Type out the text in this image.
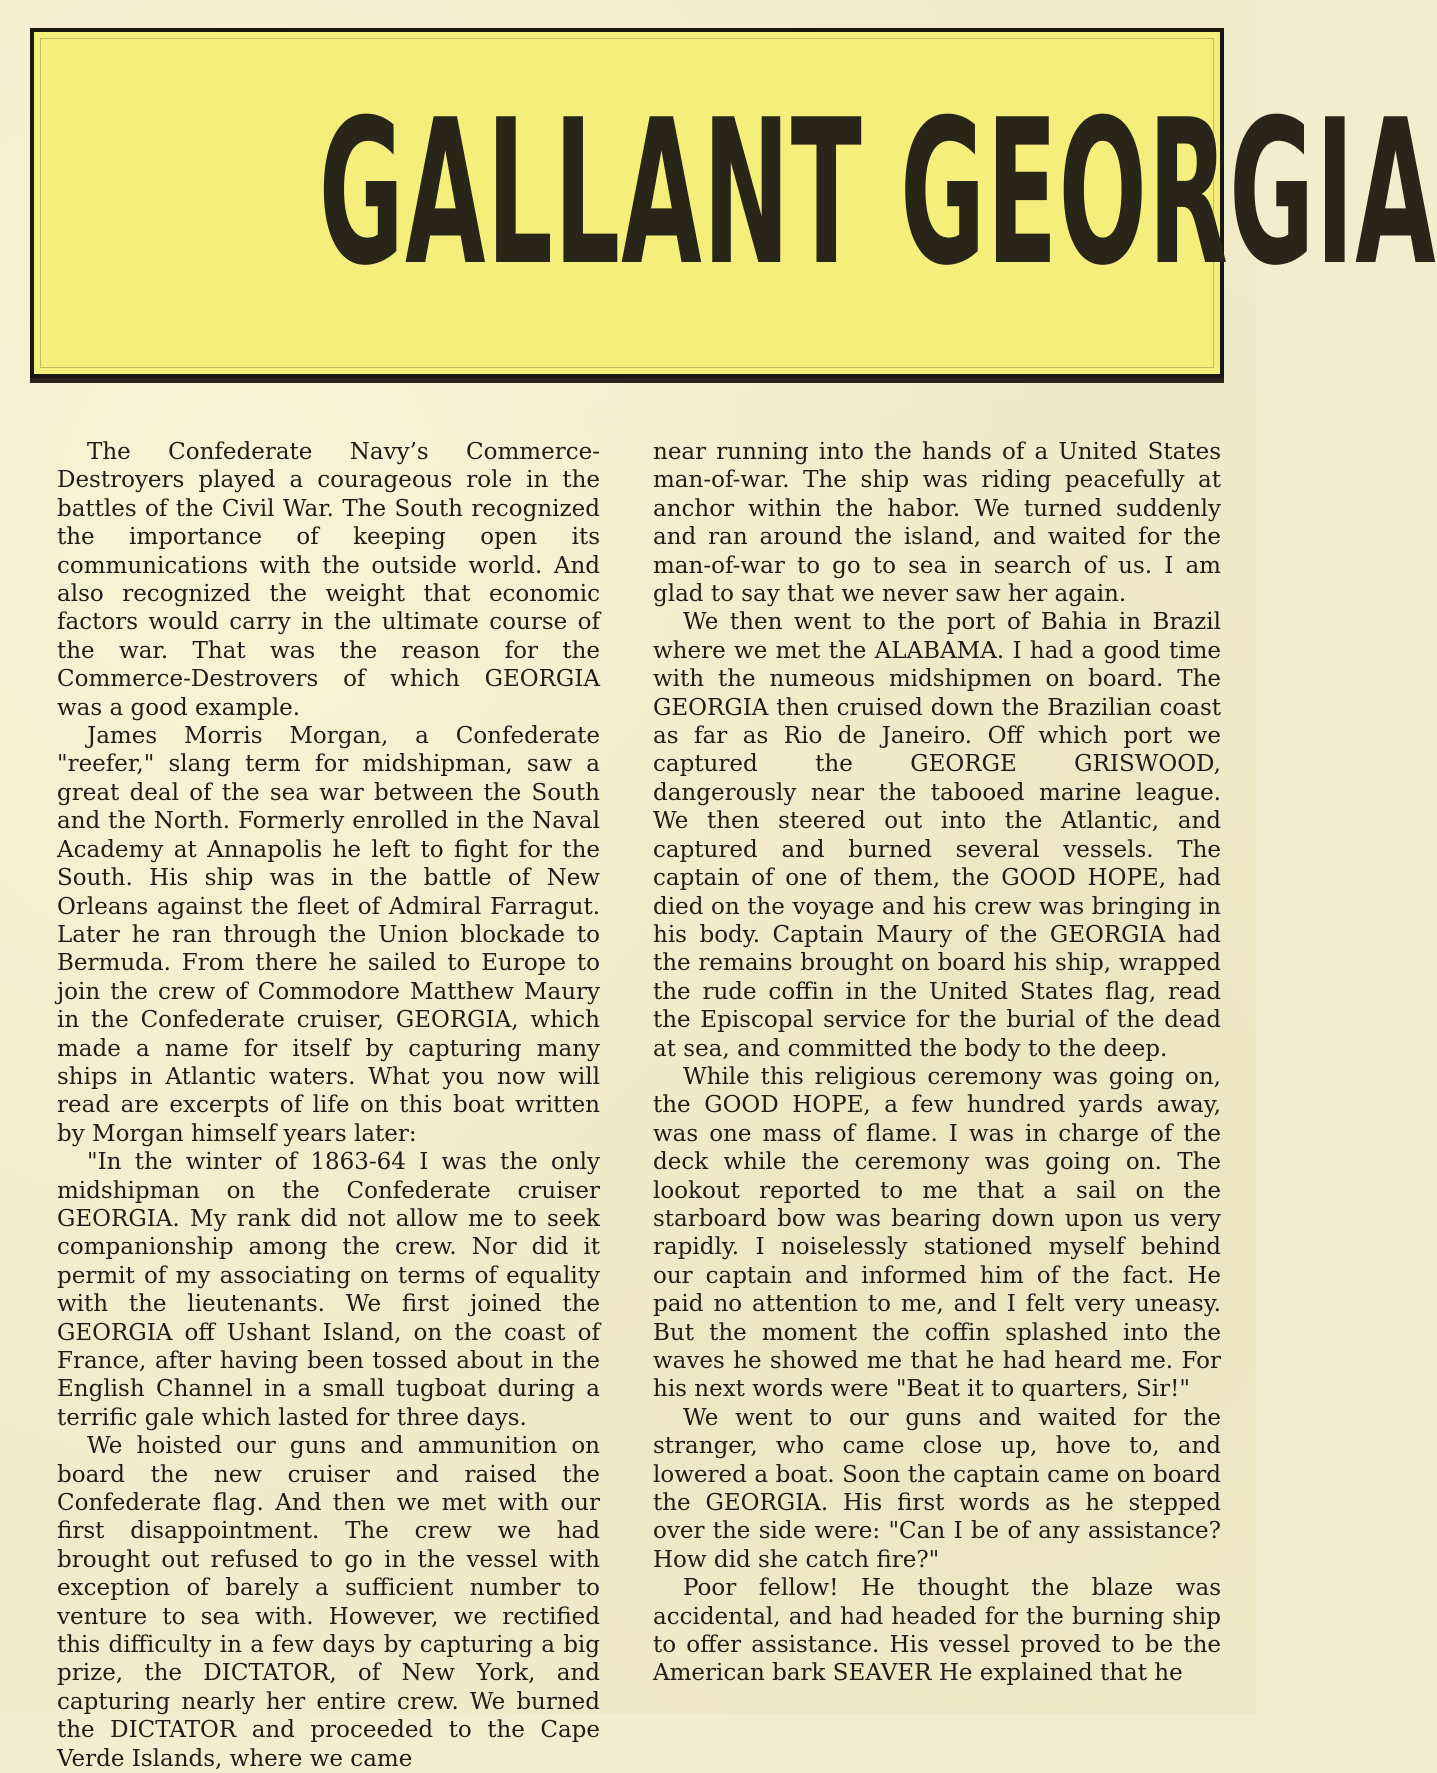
GALLANT GEORGIA

The Confederate Navy’s Commerce-Destroyers played a courageous role in the battles of the Civil War. The South recognized the importance of keeping open its communications with the outside world. And also recognized the weight that economic factors would carry in the ultimate course of the war. That was the reason for the Commerce-Destrovers of which GEORGIA was a good example.

James Morris Morgan, a Confederate "reefer," slang term for midshipman, saw a great deal of the sea war between the South and the North. Formerly enrolled in the Naval Academy at Annapolis he left to fight for the South. His ship was in the battle of New Orleans against the fleet of Admiral Farragut. Later he ran through the Union blockade to Bermuda. From there he sailed to Europe to join the crew of Commodore Matthew Maury in the Confederate cruiser, GEORGIA, which made a name for itself by capturing many ships in Atlantic waters. What you now will read are excerpts of life on this boat written by Morgan himself years later:

"In the winter of 1863-64 I was the only midshipman on the Confederate cruiser GEORGIA. My rank did not allow me to seek companionship among the crew. Nor did it permit of my associating on terms of equality with the lieutenants. We first joined the GEORGIA off Ushant Island, on the coast of France, after having been tossed about in the English Channel in a small tugboat during a terrific gale which lasted for three days.

We hoisted our guns and ammunition on board the new cruiser and raised the Confederate flag. And then we met with our first disappointment. The crew we had brought out refused to go in the vessel with exception of barely a sufficient number to venture to sea with. However, we rectified this difficulty in a few days by capturing a big prize, the DICTATOR, of New York, and capturing nearly her entire crew. We burned the DICTATOR and proceeded to the Cape Verde Islands, where we came

near running into the hands of a United States man-of-war. The ship was riding peacefully at anchor within the habor. We turned suddenly and ran around the island, and waited for the man-of-war to go to sea in search of us. I am glad to say that we never saw her again.

We then went to the port of Bahia in Brazil where we met the ALABAMA. I had a good time with the numeous midshipmen on board. The GEORGIA then cruised down the Brazilian coast as far as Rio de Janeiro. Off which port we captured the GEORGE GRISWOOD, dangerously near the tabooed marine league. We then steered out into the Atlantic, and captured and burned several vessels. The captain of one of them, the GOOD HOPE, had died on the voyage and his crew was bringing in his body. Captain Maury of the GEORGIA had the remains brought on board his ship, wrapped the rude coffin in the United States flag, read the Episcopal service for the burial of the dead at sea, and committed the body to the deep.

While this religious ceremony was going on, the GOOD HOPE, a few hundred yards away, was one mass of flame. I was in charge of the deck while the ceremony was going on. The lookout reported to me that a sail on the starboard bow was bearing down upon us very rapidly. I noiselessly stationed myself behind our captain and informed him of the fact. He paid no attention to me, and I felt very uneasy. But the moment the coffin splashed into the waves he showed me that he had heard me. For his next words were "Beat it to quarters, Sir!"

We went to our guns and waited for the stranger, who came close up, hove to, and lowered a boat. Soon the captain came on board the GEORGIA. His first words as he stepped over the side were: "Can I be of any assistance? How did she catch fire?"

Poor fellow! He thought the blaze was accidental, and had headed for the burning ship to offer assistance. His vessel proved to be the American bark SEAVER He explained that he
